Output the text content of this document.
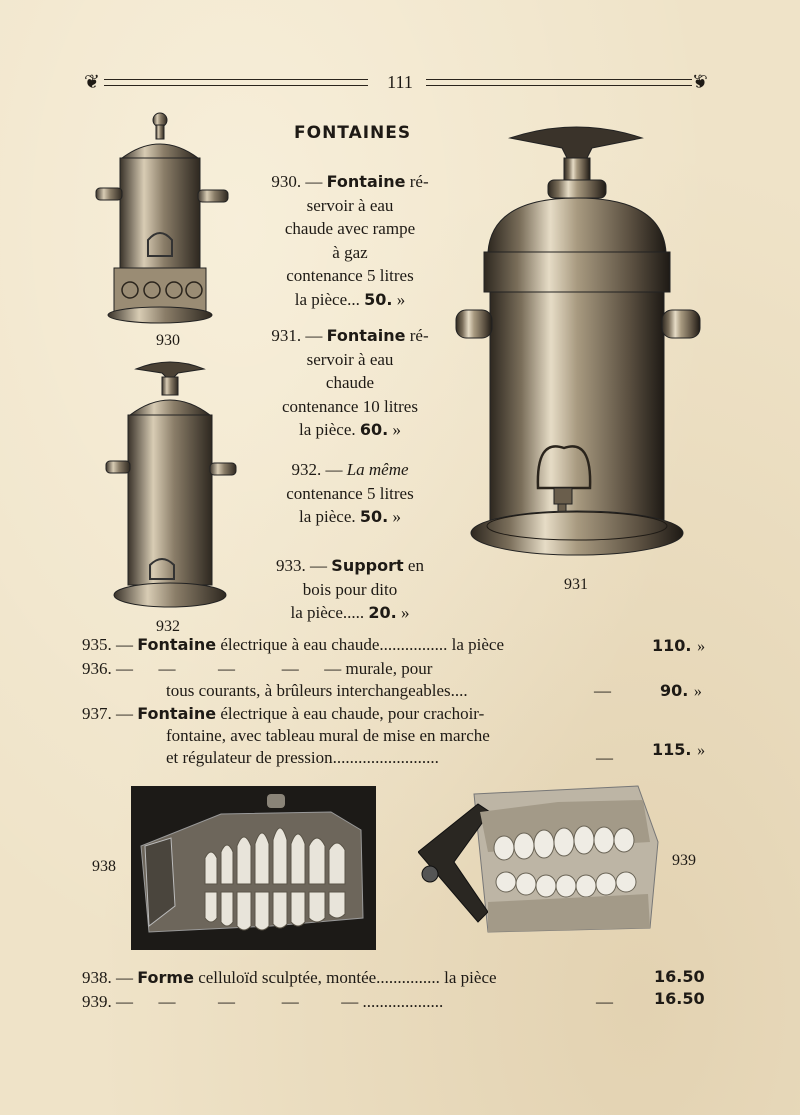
❦	111	❦
FONTAINES
930
932
931
930. — Fontaine ré-
servoir à eau
chaude avec rampe
à gaz
contenance 5 litres
la pièce... 50. »
931. — Fontaine ré-
servoir à eau
chaude
contenance 10 litres
la pièce. 60. »
932. — La même
contenance 5 litres
la pièce. 50. »
933. — Support en
bois pour dito
la pièce..... 20. »
935. — Fontaine électrique à eau chaude................ la pièce	110. »
936. —      —          —           —      — murale, pour
tous courants, à brûleurs interchangeables....	—	90. »
937. — Fontaine électrique à eau chaude, pour crachoir-
fontaine, avec tableau mural de mise en marche
et régulateur de pression.........................	— 115. »
938	939
938. — Forme celluloïd sculptée, montée............... la pièce	16.50
939. —      —          —           —          — ...................	—	16.50
